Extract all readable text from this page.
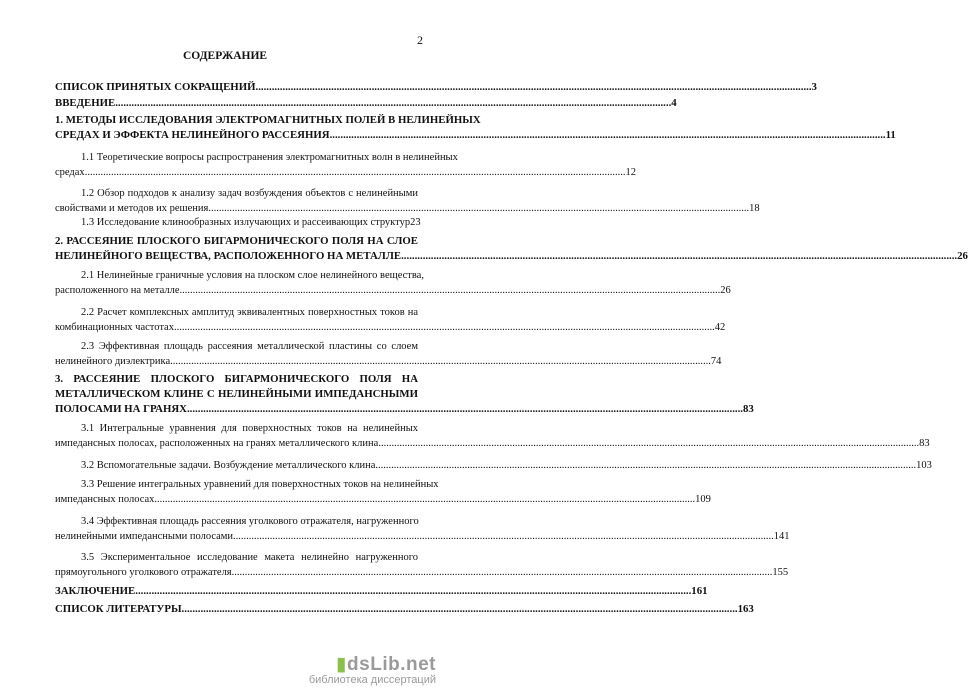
2
СОДЕРЖАНИЕ
СПИСОК ПРИНЯТЫХ СОКРАЩЕНИЙ .....	3
ВВЕДЕНИЕ .....	4
1. МЕТОДЫ ИССЛЕДОВАНИЯ ЭЛЕКТРОМАГНИТНЫХ ПОЛЕЙ В НЕЛИНЕЙНЫХ
СРЕДАХ И ЭФФЕКТА НЕЛИНЕЙНОГО РАССЕЯНИЯ .....	11
1.1 Теоретические вопросы распространения электромагнитных волн в нелинейных
средах .....	12
1.2 Обзор подходов к анализу задач возбуждения объектов с нелинейными
свойствами и методов их решения .....	18
1.3 Исследование клинообразных излучающих и рассеивающих структур 23
2. РАССЕЯНИЕ ПЛОСКОГО БИГАРМОНИЧЕСКОГО ПОЛЯ НА СЛОЕ
НЕЛИНЕЙНОГО ВЕЩЕСТВА, РАСПОЛОЖЕННОГО НА МЕТАЛЛЕ .....	26
2.1 Нелинейные граничные условия на плоском слое нелинейного вещества,
расположенного на металле .....	26
2.2 Расчет комплексных амплитуд эквивалентных поверхностных токов на
комбинационных частотах .....	42
2.3 Эффективная площадь рассеяния металлической пластины со слоем
нелинейного диэлектрика .....	74
3. РАССЕЯНИЕ ПЛОСКОГО БИГАРМОНИЧЕСКОГО ПОЛЯ НА
МЕТАЛЛИЧЕСКОМ КЛИНЕ С НЕЛИНЕЙНЫМИ ИМПЕДАНСНЫМИ
ПОЛОСАМИ НА ГРАНЯХ .....	83
3.1 Интегральные уравнения для поверхностных токов на нелинейных
импедансных полосах, расположенных на гранях металлического клина .....	83
3.2 Вспомогательные задачи. Возбуждение металлического клина .....	103
3.3 Решение интегральных уравнений для поверхностных токов на нелинейных
импедансных полосах .....	109
3.4 Эффективная площадь рассеяния уголкового отражателя, нагруженного
нелинейными импедансными полосами .....	141
3.5 Экспериментальное исследование макета нелинейно нагруженного
прямоугольного уголкового отражателя .....	155
ЗАКЛЮЧЕНИЕ .....	161
СПИСОК ЛИТЕРАТУРЫ .....	163
▮dsLib.net
библиотека диссертаций
